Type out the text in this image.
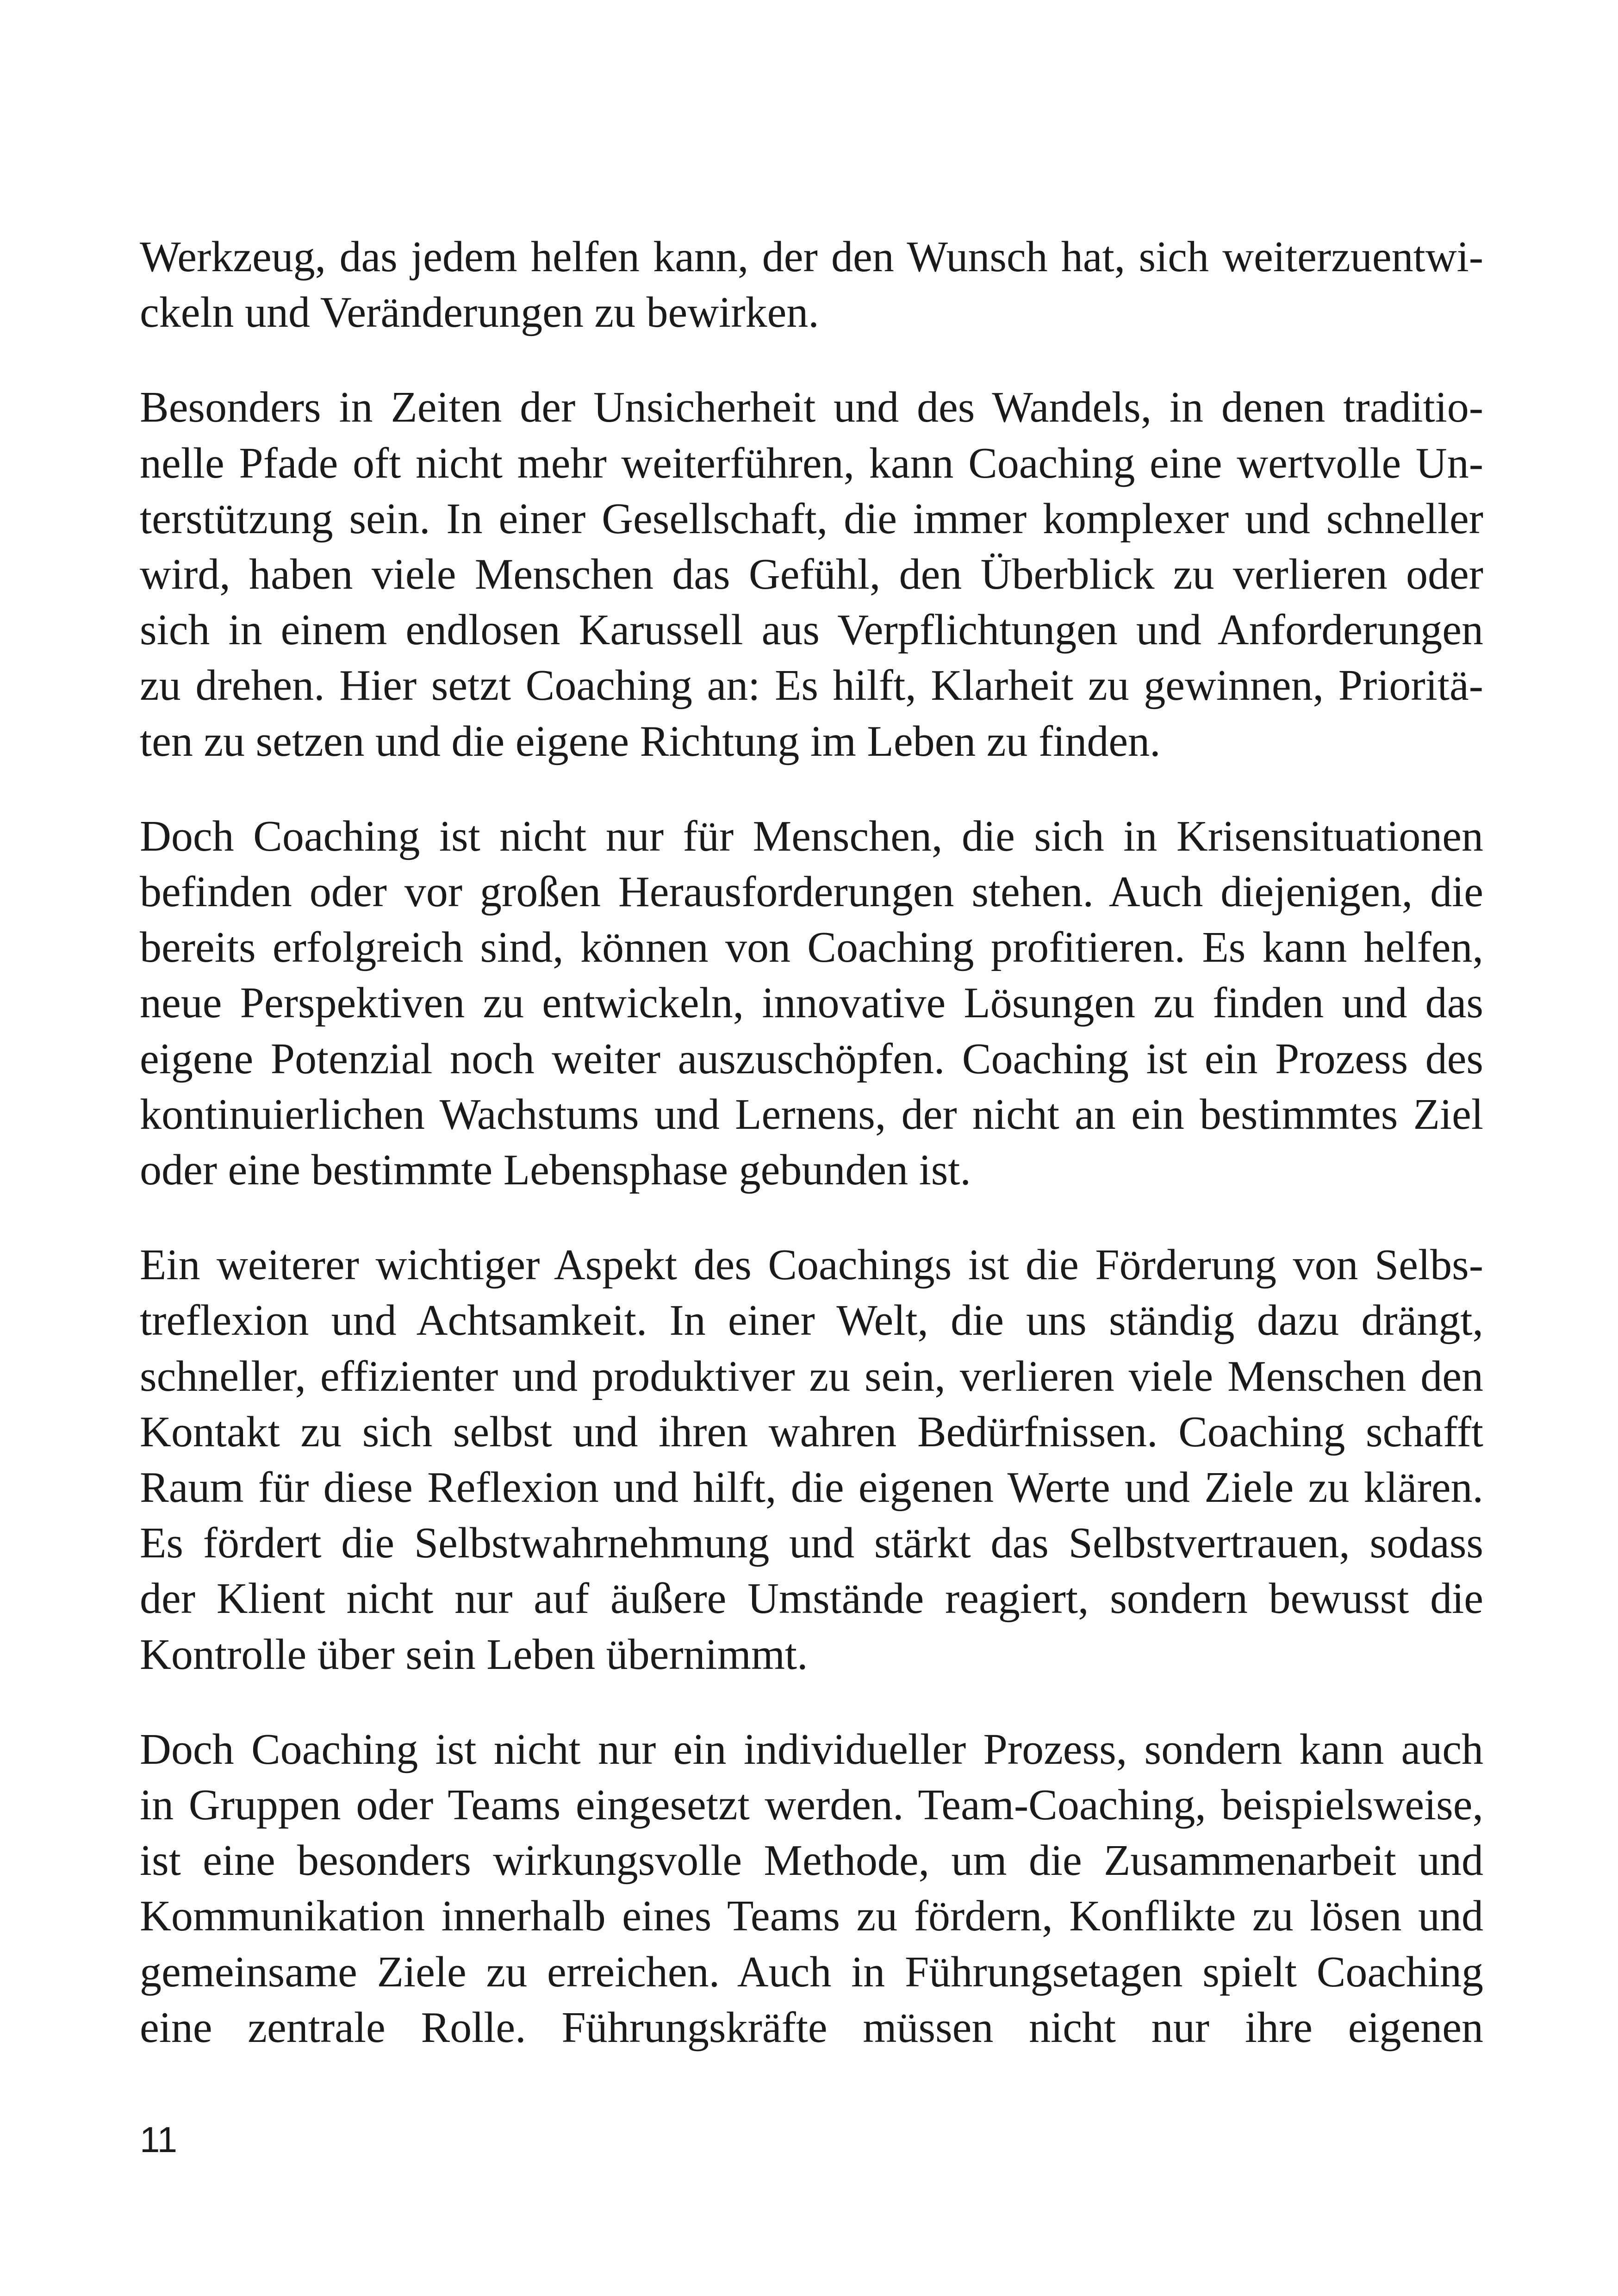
Werkzeug, das jedem helfen kann, der den Wunsch hat, sich weiterzuentwi-
ckeln und Veränderungen zu bewirken.

Besonders in Zeiten der Unsicherheit und des Wandels, in denen traditio-
nelle Pfade oft nicht mehr weiterführen, kann Coaching eine wertvolle Un-
terstützung sein. In einer Gesellschaft, die immer komplexer und schneller
wird, haben viele Menschen das Gefühl, den Überblick zu verlieren oder
sich in einem endlosen Karussell aus Verpflichtungen und Anforderungen
zu drehen. Hier setzt Coaching an: Es hilft, Klarheit zu gewinnen, Prioritä-
ten zu setzen und die eigene Richtung im Leben zu finden.

Doch Coaching ist nicht nur für Menschen, die sich in Krisensituationen
befinden oder vor großen Herausforderungen stehen. Auch diejenigen, die
bereits erfolgreich sind, können von Coaching profitieren. Es kann helfen,
neue Perspektiven zu entwickeln, innovative Lösungen zu finden und das
eigene Potenzial noch weiter auszuschöpfen. Coaching ist ein Prozess des
kontinuierlichen Wachstums und Lernens, der nicht an ein bestimmtes Ziel
oder eine bestimmte Lebensphase gebunden ist.

Ein weiterer wichtiger Aspekt des Coachings ist die Förderung von Selbs-
treflexion und Achtsamkeit. In einer Welt, die uns ständig dazu drängt,
schneller, effizienter und produktiver zu sein, verlieren viele Menschen den
Kontakt zu sich selbst und ihren wahren Bedürfnissen. Coaching schafft
Raum für diese Reflexion und hilft, die eigenen Werte und Ziele zu klären.
Es fördert die Selbstwahrnehmung und stärkt das Selbstvertrauen, sodass
der Klient nicht nur auf äußere Umstände reagiert, sondern bewusst die
Kontrolle über sein Leben übernimmt.

Doch Coaching ist nicht nur ein individueller Prozess, sondern kann auch
in Gruppen oder Teams eingesetzt werden. Team-Coaching, beispielsweise,
ist eine besonders wirkungsvolle Methode, um die Zusammenarbeit und
Kommunikation innerhalb eines Teams zu fördern, Konflikte zu lösen und
gemeinsame Ziele zu erreichen. Auch in Führungsetagen spielt Coaching
eine zentrale Rolle. Führungskräfte müssen nicht nur ihre eigenen

11
